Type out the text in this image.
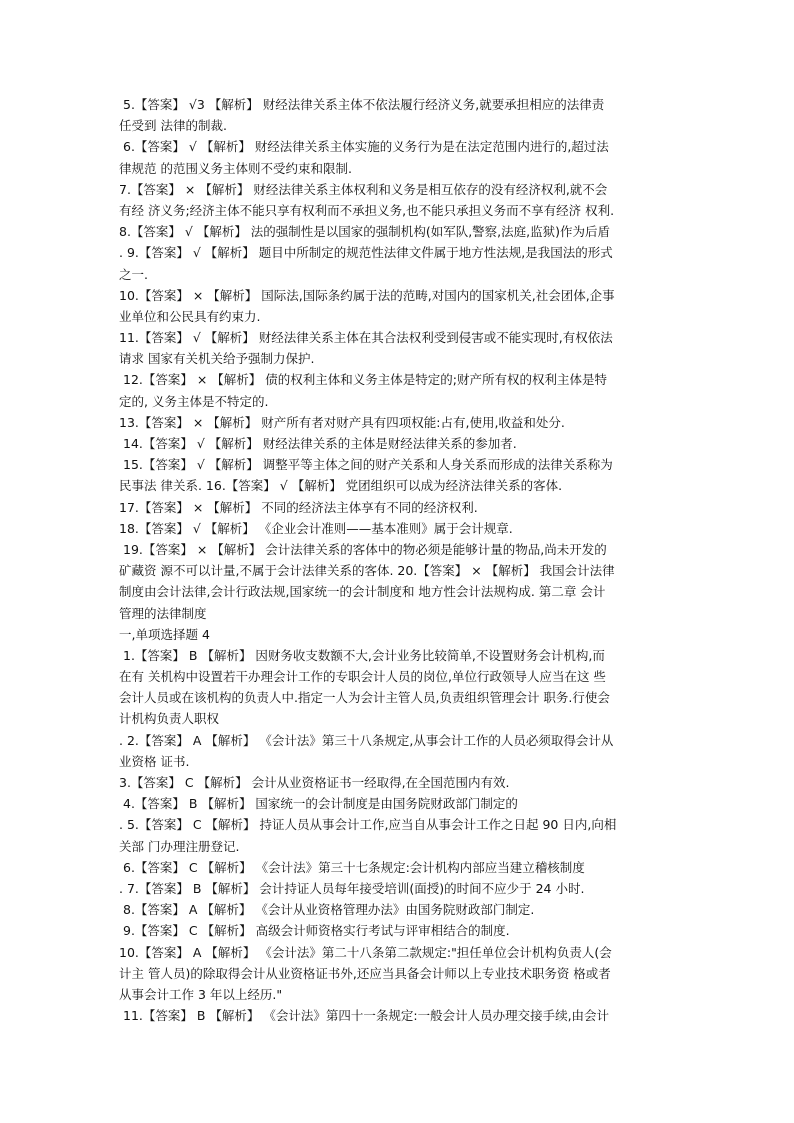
5.【答案】 √3 【解析】 财经法律关系主体不依法履行经济义务,就要承担相应的法律责
任受到 法律的制裁.
6.【答案】 √ 【解析】 财经法律关系主体实施的义务行为是在法定范围内进行的,超过法
律规范 的范围义务主体则不受约束和限制.
7.【答案】 × 【解析】 财经法律关系主体权利和义务是相互依存的没有经济权利,就不会
有经 济义务;经济主体不能只享有权利而不承担义务,也不能只承担义务而不享有经济 权利.
8.【答案】 √ 【解析】 法的强制性是以国家的强制机构(如军队,警察,法庭,监狱)作为后盾
. 9.【答案】 √ 【解析】 题目中所制定的规范性法律文件属于地方性法规,是我国法的形式
之一.
10.【答案】 × 【解析】 国际法,国际条约属于法的范畴,对国内的国家机关,社会团体,企事
业单位和公民具有约束力.
11.【答案】 √ 【解析】 财经法律关系主体在其合法权利受到侵害或不能实现时,有权依法
请求 国家有关机关给予强制力保护.
12.【答案】 × 【解析】 债的权利主体和义务主体是特定的;财产所有权的权利主体是特
定的, 义务主体是不特定的.
13.【答案】 × 【解析】 财产所有者对财产具有四项权能:占有,使用,收益和处分.
14.【答案】 √ 【解析】 财经法律关系的主体是财经法律关系的参加者.
15.【答案】 √ 【解析】 调整平等主体之间的财产关系和人身关系而形成的法律关系称为
民事法 律关系. 16.【答案】 √ 【解析】 党团组织可以成为经济法律关系的客体.
17.【答案】 × 【解析】 不同的经济法主体享有不同的经济权利.
18.【答案】 √ 【解析】 《企业会计准则——基本准则》属于会计规章.
19.【答案】 × 【解析】 会计法律关系的客体中的物必须是能够计量的物品,尚未开发的
矿藏资 源不可以计量,不属于会计法律关系的客体. 20.【答案】 × 【解析】 我国会计法律
制度由会计法律,会计行政法规,国家统一的会计制度和 地方性会计法规构成. 第二章 会计
管理的法律制度
一,单项选择题 4
1.【答案】 B 【解析】 因财务收支数额不大,会计业务比较简单,不设置财务会计机构,而
在有 关机构中设置若干办理会计工作的专职会计人员的岗位,单位行政领导人应当在这 些
会计人员或在该机构的负责人中.指定一人为会计主管人员,负责组织管理会计 职务.行使会
计机构负责人职权
. 2.【答案】 A 【解析】 《会计法》第三十八条规定,从事会计工作的人员必须取得会计从
业资格 证书.
3.【答案】 C 【解析】 会计从业资格证书一经取得,在全国范围内有效.
4.【答案】 B 【解析】 国家统一的会计制度是由国务院财政部门制定的
. 5.【答案】 C 【解析】 持证人员从事会计工作,应当自从事会计工作之日起 90 日内,向相
关部 门办理注册登记.
6.【答案】 C 【解析】 《会计法》第三十七条规定:会计机构内部应当建立稽核制度
. 7.【答案】 B 【解析】 会计持证人员每年接受培训(面授)的时间不应少于 24 小时.
8.【答案】 A 【解析】 《会计从业资格管理办法》由国务院财政部门制定.
9.【答案】 C 【解析】 高级会计师资格实行考试与评审相结合的制度.
10.【答案】 A 【解析】 《会计法》第二十八条第二款规定:"担任单位会计机构负责人(会
计主 管人员)的除取得会计从业资格证书外,还应当具备会计师以上专业技术职务资 格或者
从事会计工作 3 年以上经历."
11.【答案】 B 【解析】 《会计法》第四十一条规定:一般会计人员办理交接手续,由会计
